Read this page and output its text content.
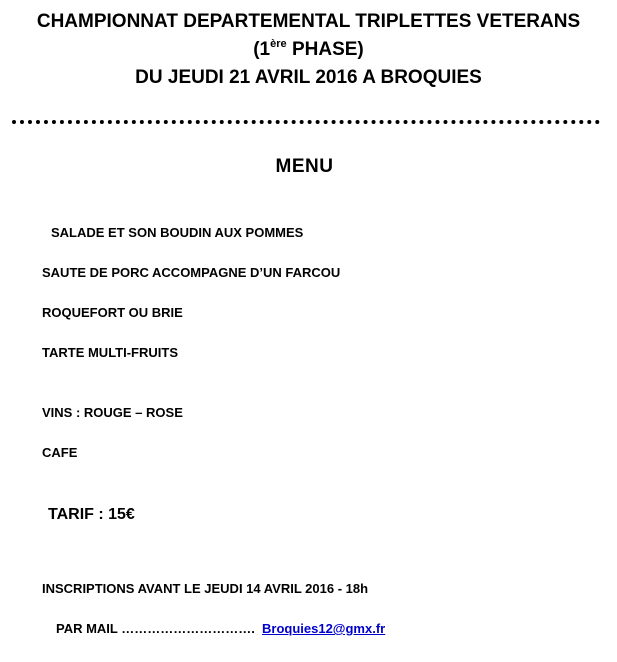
CHAMPIONNAT DEPARTEMENTAL TRIPLETTES VETERANS
(1ère PHASE)
DU JEUDI 21 AVRIL 2016 A BROQUIES
MENU
SALADE ET SON BOUDIN AUX POMMES
SAUTE DE PORC ACCOMPAGNE D’UN FARCOU
ROQUEFORT OU BRIE
TARTE MULTI-FRUITS
VINS : ROUGE – ROSE
CAFE
TARIF : 15€
INSCRIPTIONS AVANT LE JEUDI 14 AVRIL 2016 - 18h
PAR MAIL …………………………. Broquies12@gmx.fr
